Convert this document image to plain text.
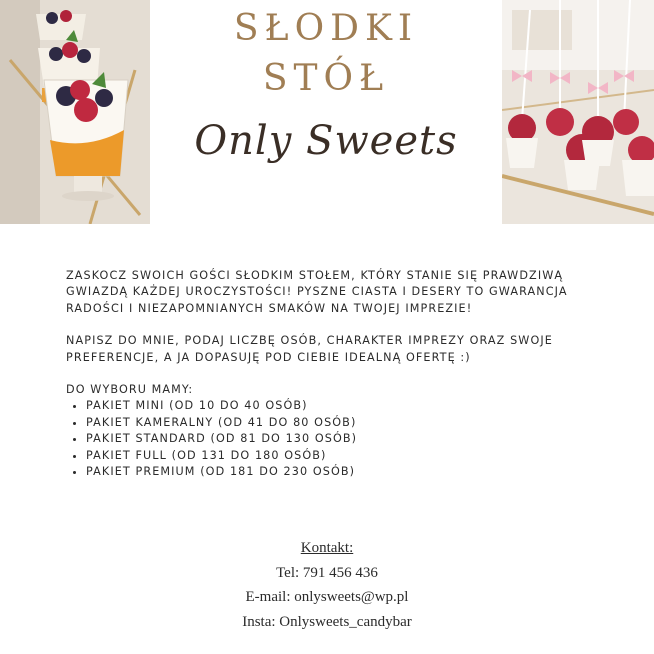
SŁODKI
STÓŁ
Only Sweets

ZASKOCZ SWOICH GOŚCI SŁODKIM STOŁEM, KTÓRY STANIE SIĘ PRAWDZIWĄ GWIAZDĄ KAŻDEJ UROCZYSTOŚCI! PYSZNE CIASTA I DESERY TO GWARANCJA RADOŚCI I NIEZAPOMNIANYCH SMAKÓW NA TWOJEJ IMPREZIE!

NAPISZ DO MNIE, PODAJ LICZBĘ OSÓB, CHARAKTER IMPREZY ORAZ SWOJE PREFERENCJE, A JA DOPASUJĘ POD CIEBIE IDEALNĄ OFERTĘ :)

DO WYBORU MAMY:
• PAKIET MINI (OD 10 DO 40 OSÓB)
• PAKIET KAMERALNY (OD 41 DO 80 OSÓB)
• PAKIET STANDARD (OD 81 DO 130 OSÓB)
• PAKIET FULL (OD 131 DO 180 OSÓB)
• PAKIET PREMIUM (OD 181 DO 230 OSÓB)
Kontakt:
Tel: 791 456 436
E-mail: onlysweets@wp.pl
Insta: Onlysweets_candybar
